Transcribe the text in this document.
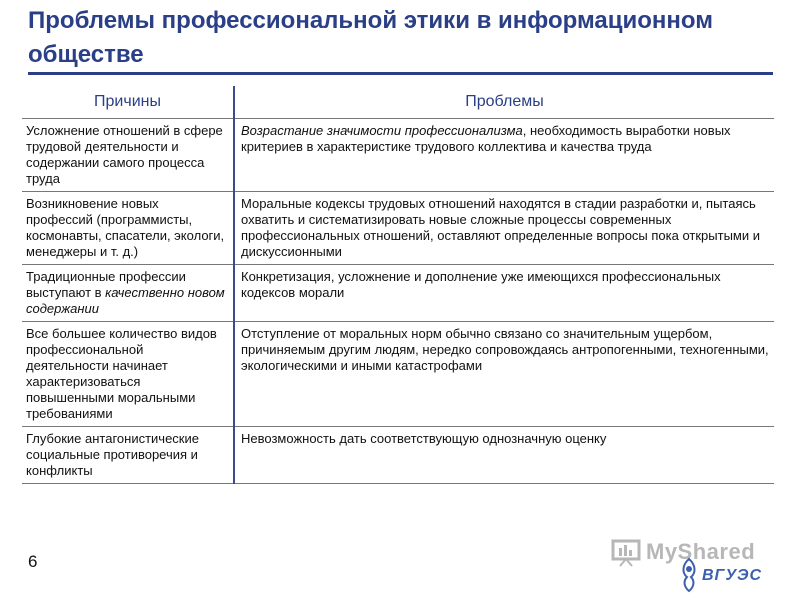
Проблемы профессиональной этики в информационном обществе
Причины	Проблемы
Усложнение отношений в сфере трудовой деятельности и содержании самого процесса труда	Возрастание значимости профессионализма, необходимость выработки новых критериев в характеристике трудового коллектива и качества труда
Возникновение новых профессий (программисты, космонавты, спасатели, экологи, менеджеры и т. д.)	Моральные кодексы трудовых отношений находятся в стадии разработки и, пытаясь охватить и систематизировать новые сложные процессы современных профессиональных отношений, оставляют определенные вопросы пока открытыми и дискуссионными
Традиционные профессии выступают в качественно новом содержании	Конкретизация, усложнение и дополнение уже имеющихся профессиональных кодексов морали
Все большее количество видов профессиональной деятельности начинает характеризоваться повышенными моральными требованиями	Отступление от моральных норм обычно связано со значительным ущербом, причиняемым другим людям, нередко сопровождаясь антропогенными, техногенными, экологическими и иными катастрофами
Глубокие антагонистические социальные противоречия и конфликты	Невозможность дать соответствующую однозначную оценку
6	MyShared
ВГУЭС
